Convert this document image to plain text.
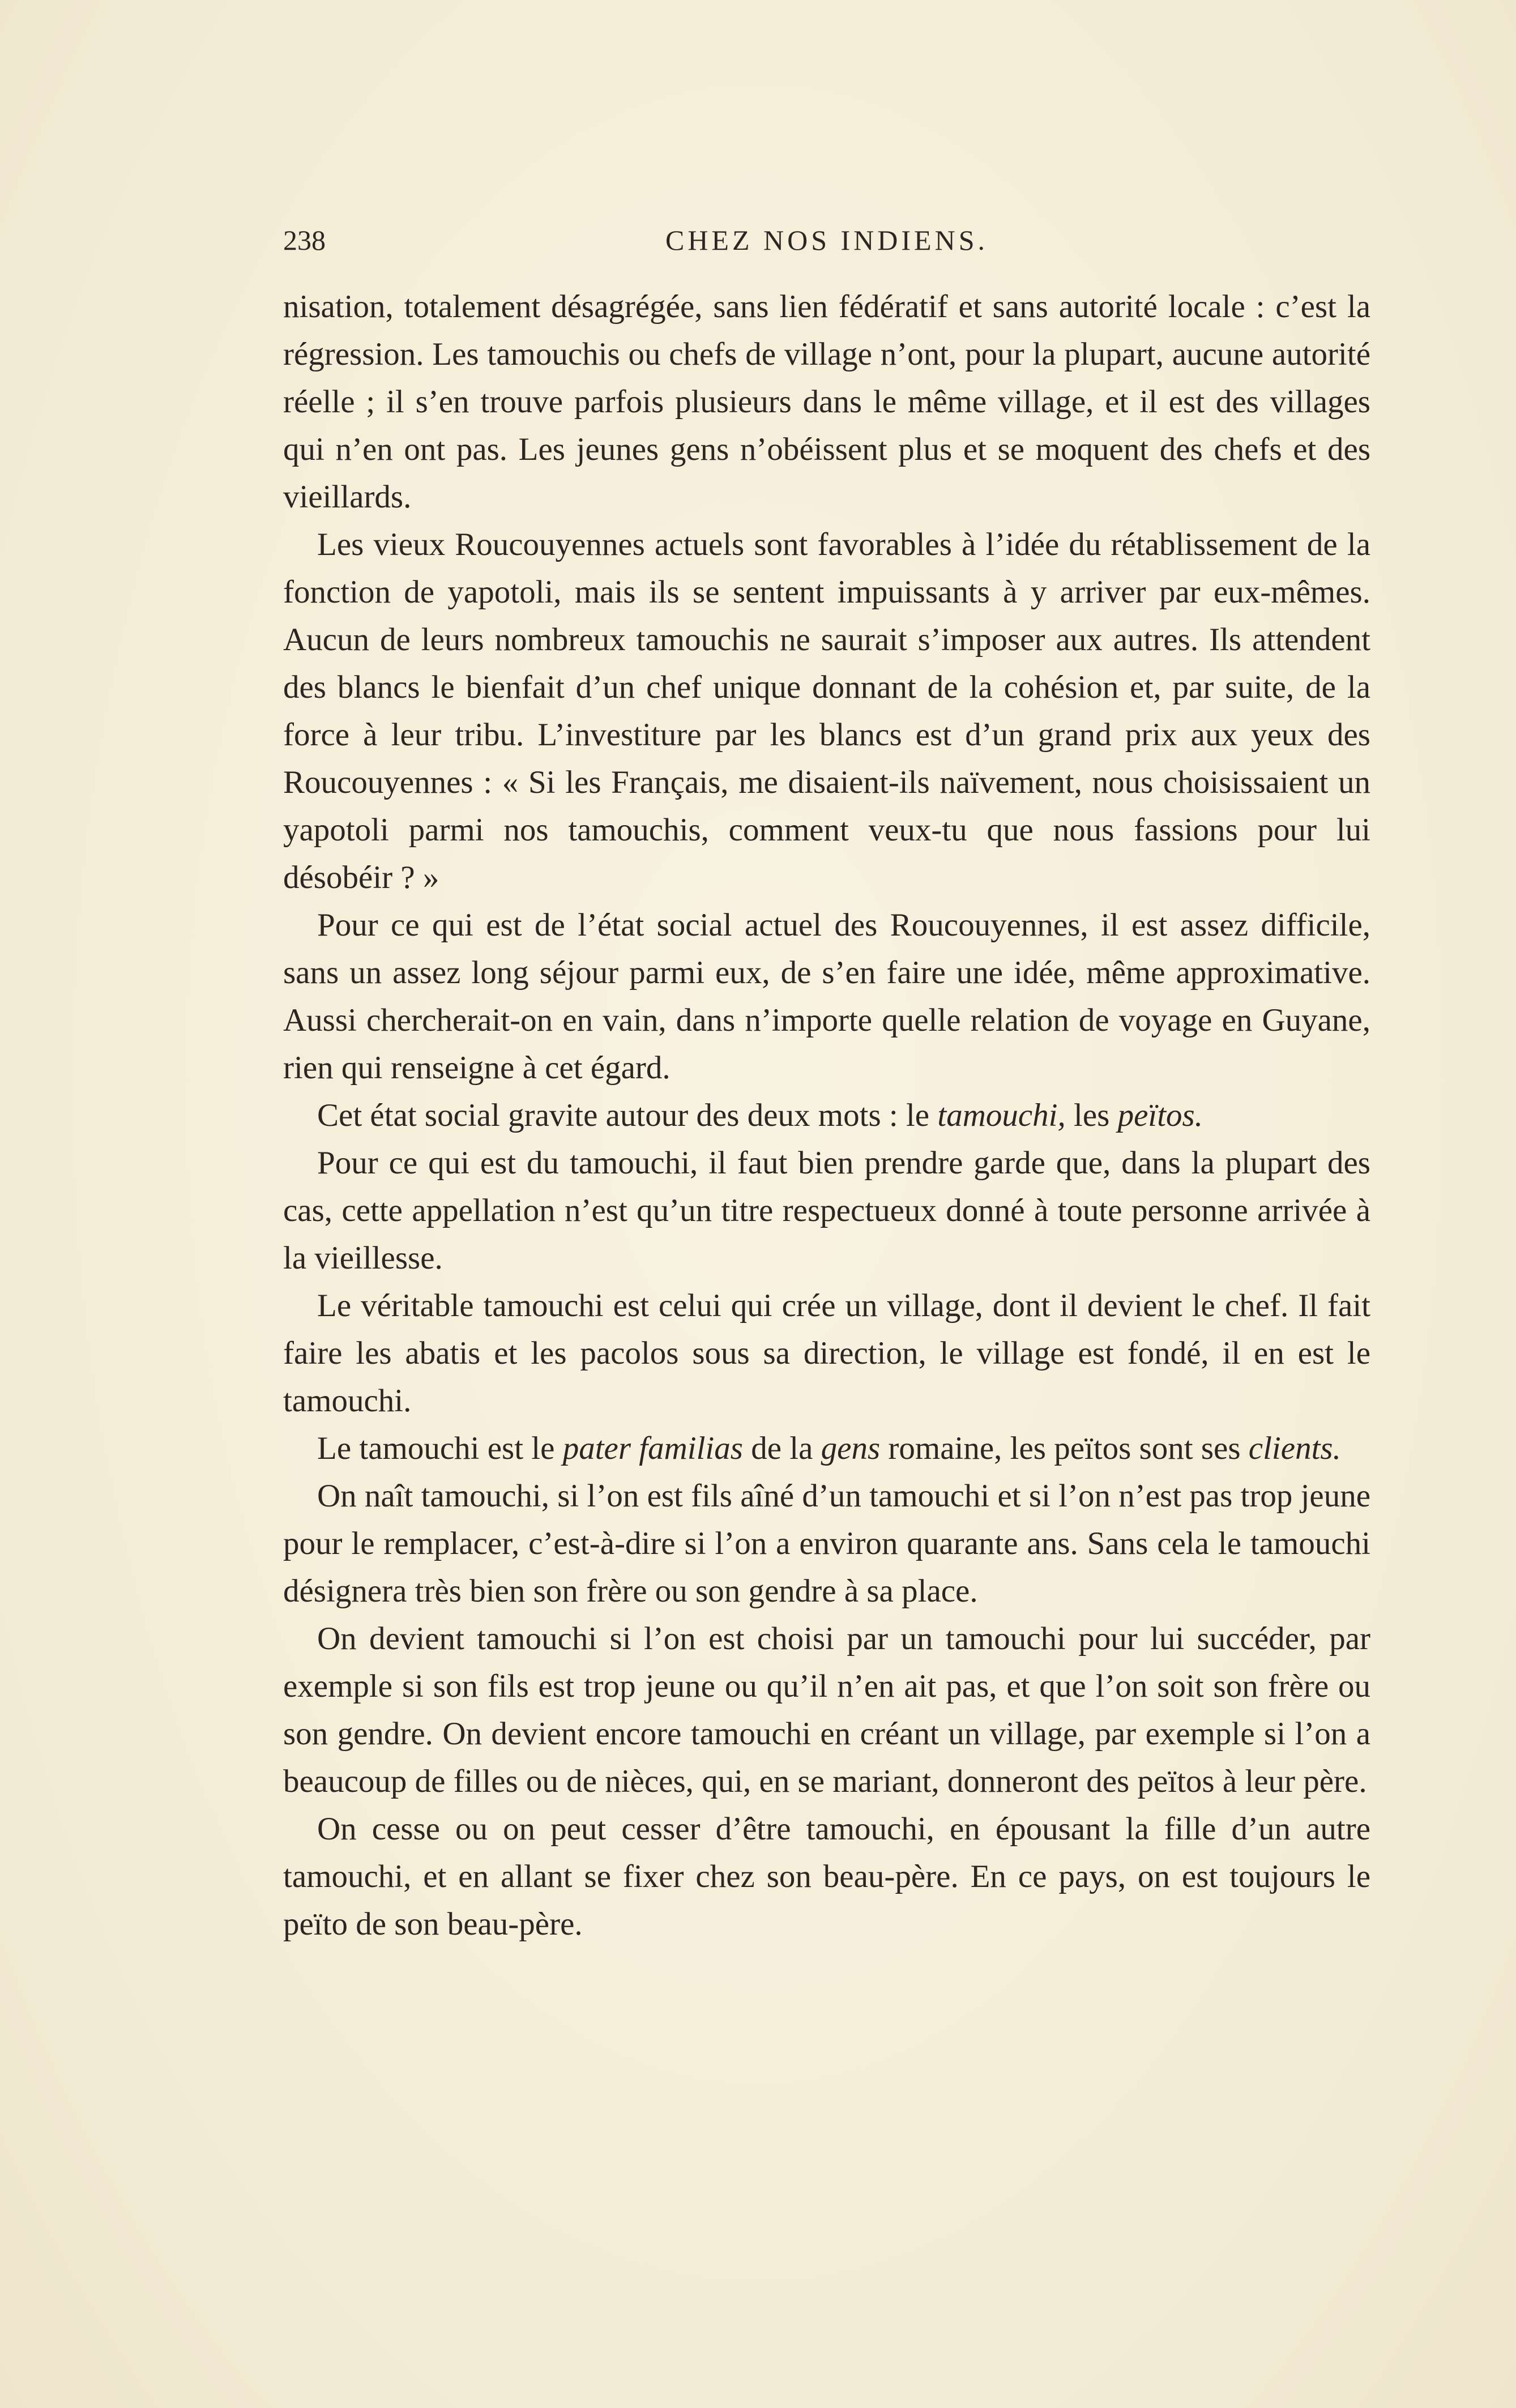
238	CHEZ NOS INDIENS.

nisation, totalement désagrégée, sans lien fédératif et sans autorité locale : c’est la régression. Les tamouchis ou chefs de village n’ont, pour la plupart, aucune autorité réelle ; il s’en trouve parfois plusieurs dans le même village, et il est des villages qui n’en ont pas. Les jeunes gens n’obéissent plus et se moquent des chefs et des vieillards.

Les vieux Roucouyennes actuels sont favorables à l’idée du rétablissement de la fonction de yapotoli, mais ils se sentent impuissants à y arriver par eux-mêmes. Aucun de leurs nombreux tamouchis ne saurait s’imposer aux autres. Ils attendent des blancs le bienfait d’un chef unique donnant de la cohésion et, par suite, de la force à leur tribu. L’investiture par les blancs est d’un grand prix aux yeux des Roucouyennes : « Si les Français, me disaient-ils naïvement, nous choisissaient un yapotoli parmi nos tamouchis, comment veux-tu que nous fassions pour lui désobéir ? »

Pour ce qui est de l’état social actuel des Roucouyennes, il est assez difficile, sans un assez long séjour parmi eux, de s’en faire une idée, même approximative. Aussi chercherait-on en vain, dans n’importe quelle relation de voyage en Guyane, rien qui renseigne à cet égard.

Cet état social gravite autour des deux mots : le tamouchi, les peïtos.

Pour ce qui est du tamouchi, il faut bien prendre garde que, dans la plupart des cas, cette appellation n’est qu’un titre respectueux donné à toute personne arrivée à la vieillesse.

Le véritable tamouchi est celui qui crée un village, dont il devient le chef. Il fait faire les abatis et les pacolos sous sa direction, le village est fondé, il en est le tamouchi.

Le tamouchi est le pater familias de la gens romaine, les peïtos sont ses clients.

On naît tamouchi, si l’on est fils aîné d’un tamouchi et si l’on n’est pas trop jeune pour le remplacer, c’est-à-dire si l’on a environ quarante ans. Sans cela le tamouchi désignera très bien son frère ou son gendre à sa place.

On devient tamouchi si l’on est choisi par un tamouchi pour lui succéder, par exemple si son fils est trop jeune ou qu’il n’en ait pas, et que l’on soit son frère ou son gendre. On devient encore tamouchi en créant un village, par exemple si l’on a beaucoup de filles ou de nièces, qui, en se mariant, donneront des peïtos à leur père.

On cesse ou on peut cesser d’être tamouchi, en épousant la fille d’un autre tamouchi, et en allant se fixer chez son beau-père. En ce pays, on est toujours le peïto de son beau-père.
